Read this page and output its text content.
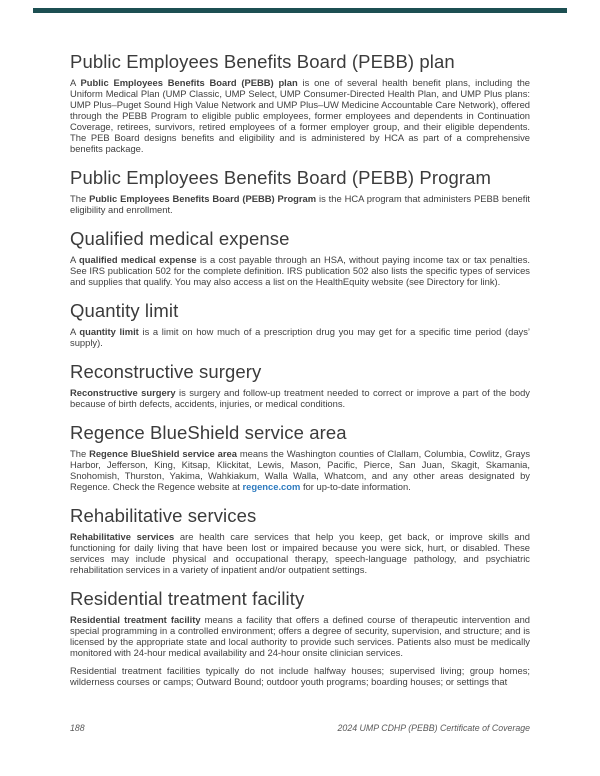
Public Employees Benefits Board (PEBB) plan

A Public Employees Benefits Board (PEBB) plan is one of several health benefit plans, including the Uniform Medical Plan (UMP Classic, UMP Select, UMP Consumer-Directed Health Plan, and UMP Plus plans: UMP Plus–Puget Sound High Value Network and UMP Plus–UW Medicine Accountable Care Network), offered through the PEBB Program to eligible public employees, former employees and dependents in Continuation Coverage, retirees, survivors, retired employees of a former employer group, and their eligible dependents. The PEB Board designs benefits and eligibility and is administered by HCA as part of a comprehensive benefits package.

Public Employees Benefits Board (PEBB) Program

The Public Employees Benefits Board (PEBB) Program is the HCA program that administers PEBB benefit eligibility and enrollment.

Qualified medical expense

A qualified medical expense is a cost payable through an HSA, without paying income tax or tax penalties. See IRS publication 502 for the complete definition. IRS publication 502 also lists the specific types of services and supplies that qualify. You may also access a list on the HealthEquity website (see Directory for link).

Quantity limit

A quantity limit is a limit on how much of a prescription drug you may get for a specific time period (days’ supply).

Reconstructive surgery

Reconstructive surgery is surgery and follow-up treatment needed to correct or improve a part of the body because of birth defects, accidents, injuries, or medical conditions.

Regence BlueShield service area

The Regence BlueShield service area means the Washington counties of Clallam, Columbia, Cowlitz, Grays Harbor, Jefferson, King, Kitsap, Klickitat, Lewis, Mason, Pacific, Pierce, San Juan, Skagit, Skamania, Snohomish, Thurston, Yakima, Wahkiakum, Walla Walla, Whatcom, and any other areas designated by Regence. Check the Regence website at regence.com for up-to-date information.

Rehabilitative services

Rehabilitative services are health care services that help you keep, get back, or improve skills and functioning for daily living that have been lost or impaired because you were sick, hurt, or disabled. These services may include physical and occupational therapy, speech-language pathology, and psychiatric rehabilitation services in a variety of inpatient and/or outpatient settings.

Residential treatment facility

Residential treatment facility means a facility that offers a defined course of therapeutic intervention and special programming in a controlled environment; offers a degree of security, supervision, and structure; and is licensed by the appropriate state and local authority to provide such services. Patients also must be medically monitored with 24-hour medical availability and 24-hour onsite clinician services.

Residential treatment facilities typically do not include halfway houses; supervised living; group homes; wilderness courses or camps; Outward Bound; outdoor youth programs; boarding houses; or settings that

188	2024 UMP CDHP (PEBB) Certificate of Coverage
